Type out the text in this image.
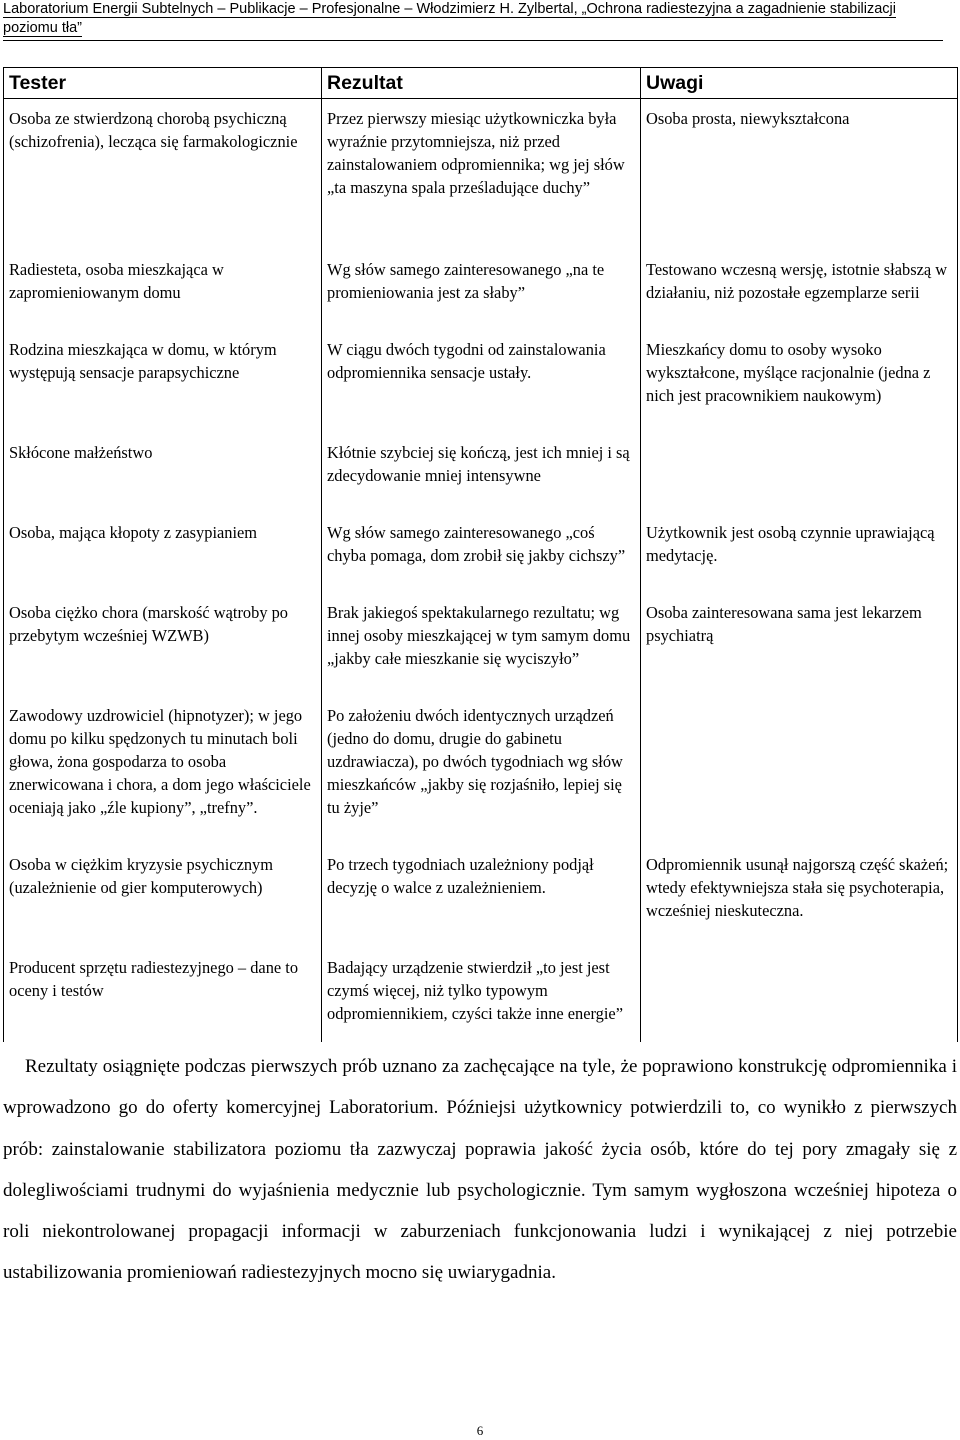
Laboratorium Energii Subtelnych – Publikacje – Profesjonalne – Włodzimierz H. Zylbertal, „Ochrona radiestezyjna a zagadnienie stabilizacji poziomu tła”
Tester	Rezultat	Uwagi
Osoba ze stwierdzoną chorobą psychiczną (schizofrenia), lecząca się farmakologicznie	Przez pierwszy miesiąc użytkowniczka była wyraźnie przytomniejsza, niż przed zainstalowaniem odpromiennika; wg jej słów „ta maszyna spala prześladujące duchy”	Osoba prosta, niewykształcona
Radiesteta, osoba mieszkająca w zapromieniowanym domu	Wg słów samego zainteresowanego „na te promieniowania jest za słaby”	Testowano wczesną wersję, istotnie słabszą w działaniu, niż pozostałe egzemplarze serii
Rodzina mieszkająca w domu, w którym występują sensacje parapsychiczne	W ciągu dwóch tygodni od zainstalowania odpromiennika sensacje ustały.	Mieszkańcy domu to osoby wysoko wykształcone, myślące racjonalnie (jedna z nich jest pracownikiem naukowym)
Skłócone małżeństwo	Kłótnie szybciej się kończą, jest ich mniej i są zdecydowanie mniej intensywne	
Osoba, mająca kłopoty z zasypianiem	Wg słów samego zainteresowanego „coś chyba pomaga, dom zrobił się jakby cichszy”	Użytkownik jest osobą czynnie uprawiającą medytację.
Osoba ciężko chora (marskość wątroby po przebytym wcześniej WZWB)	Brak jakiegoś spektakularnego rezultatu; wg innej osoby mieszkającej w tym samym domu „jakby całe mieszkanie się wyciszyło”	Osoba zainteresowana sama jest lekarzem psychiatrą
Zawodowy uzdrowiciel (hipnotyzer); w jego domu po kilku spędzonych tu minutach boli głowa, żona gospodarza to osoba znerwicowana i chora, a dom jego właściciele oceniają jako „źle kupiony”, „trefny”.	Po założeniu dwóch identycznych urządzeń (jedno do domu, drugie do gabinetu uzdrawiacza), po dwóch tygodniach wg słów mieszkańców „jakby się rozjaśniło, lepiej się tu żyje”	
Osoba w ciężkim kryzysie psychicznym (uzależnienie od gier komputerowych)	Po trzech tygodniach uzależniony podjął decyzję o walce z uzależnieniem.	Odpromiennik usunął najgorszą część skażeń; wtedy efektywniejsza stała się psychoterapia, wcześniej nieskuteczna.
Producent sprzętu radiestezyjnego – dane to oceny i testów	Badający urządzenie stwierdził „to jest jest czymś więcej, niż tylko typowym odpromiennikiem, czyści także inne energie”	
Rezultaty osiągnięte podczas pierwszych prób uznano za zachęcające na tyle, że poprawiono konstrukcję odpromiennika i wprowadzono go do oferty komercyjnej Laboratorium. Późniejsi użytkownicy potwierdzili to, co wynikło z pierwszych prób: zainstalowanie stabilizatora poziomu tła zazwyczaj poprawia jakość życia osób, które do tej pory zmagały się z dolegliwościami trudnymi do wyjaśnienia medycznie lub psychologicznie. Tym samym wygłoszona wcześniej hipoteza o roli niekontrolowanej propagacji informacji w zaburzeniach funkcjonowania ludzi i wynikającej z niej potrzebie ustabilizowania promieniowań radiestezyjnych mocno się uwiarygadnia.
6
